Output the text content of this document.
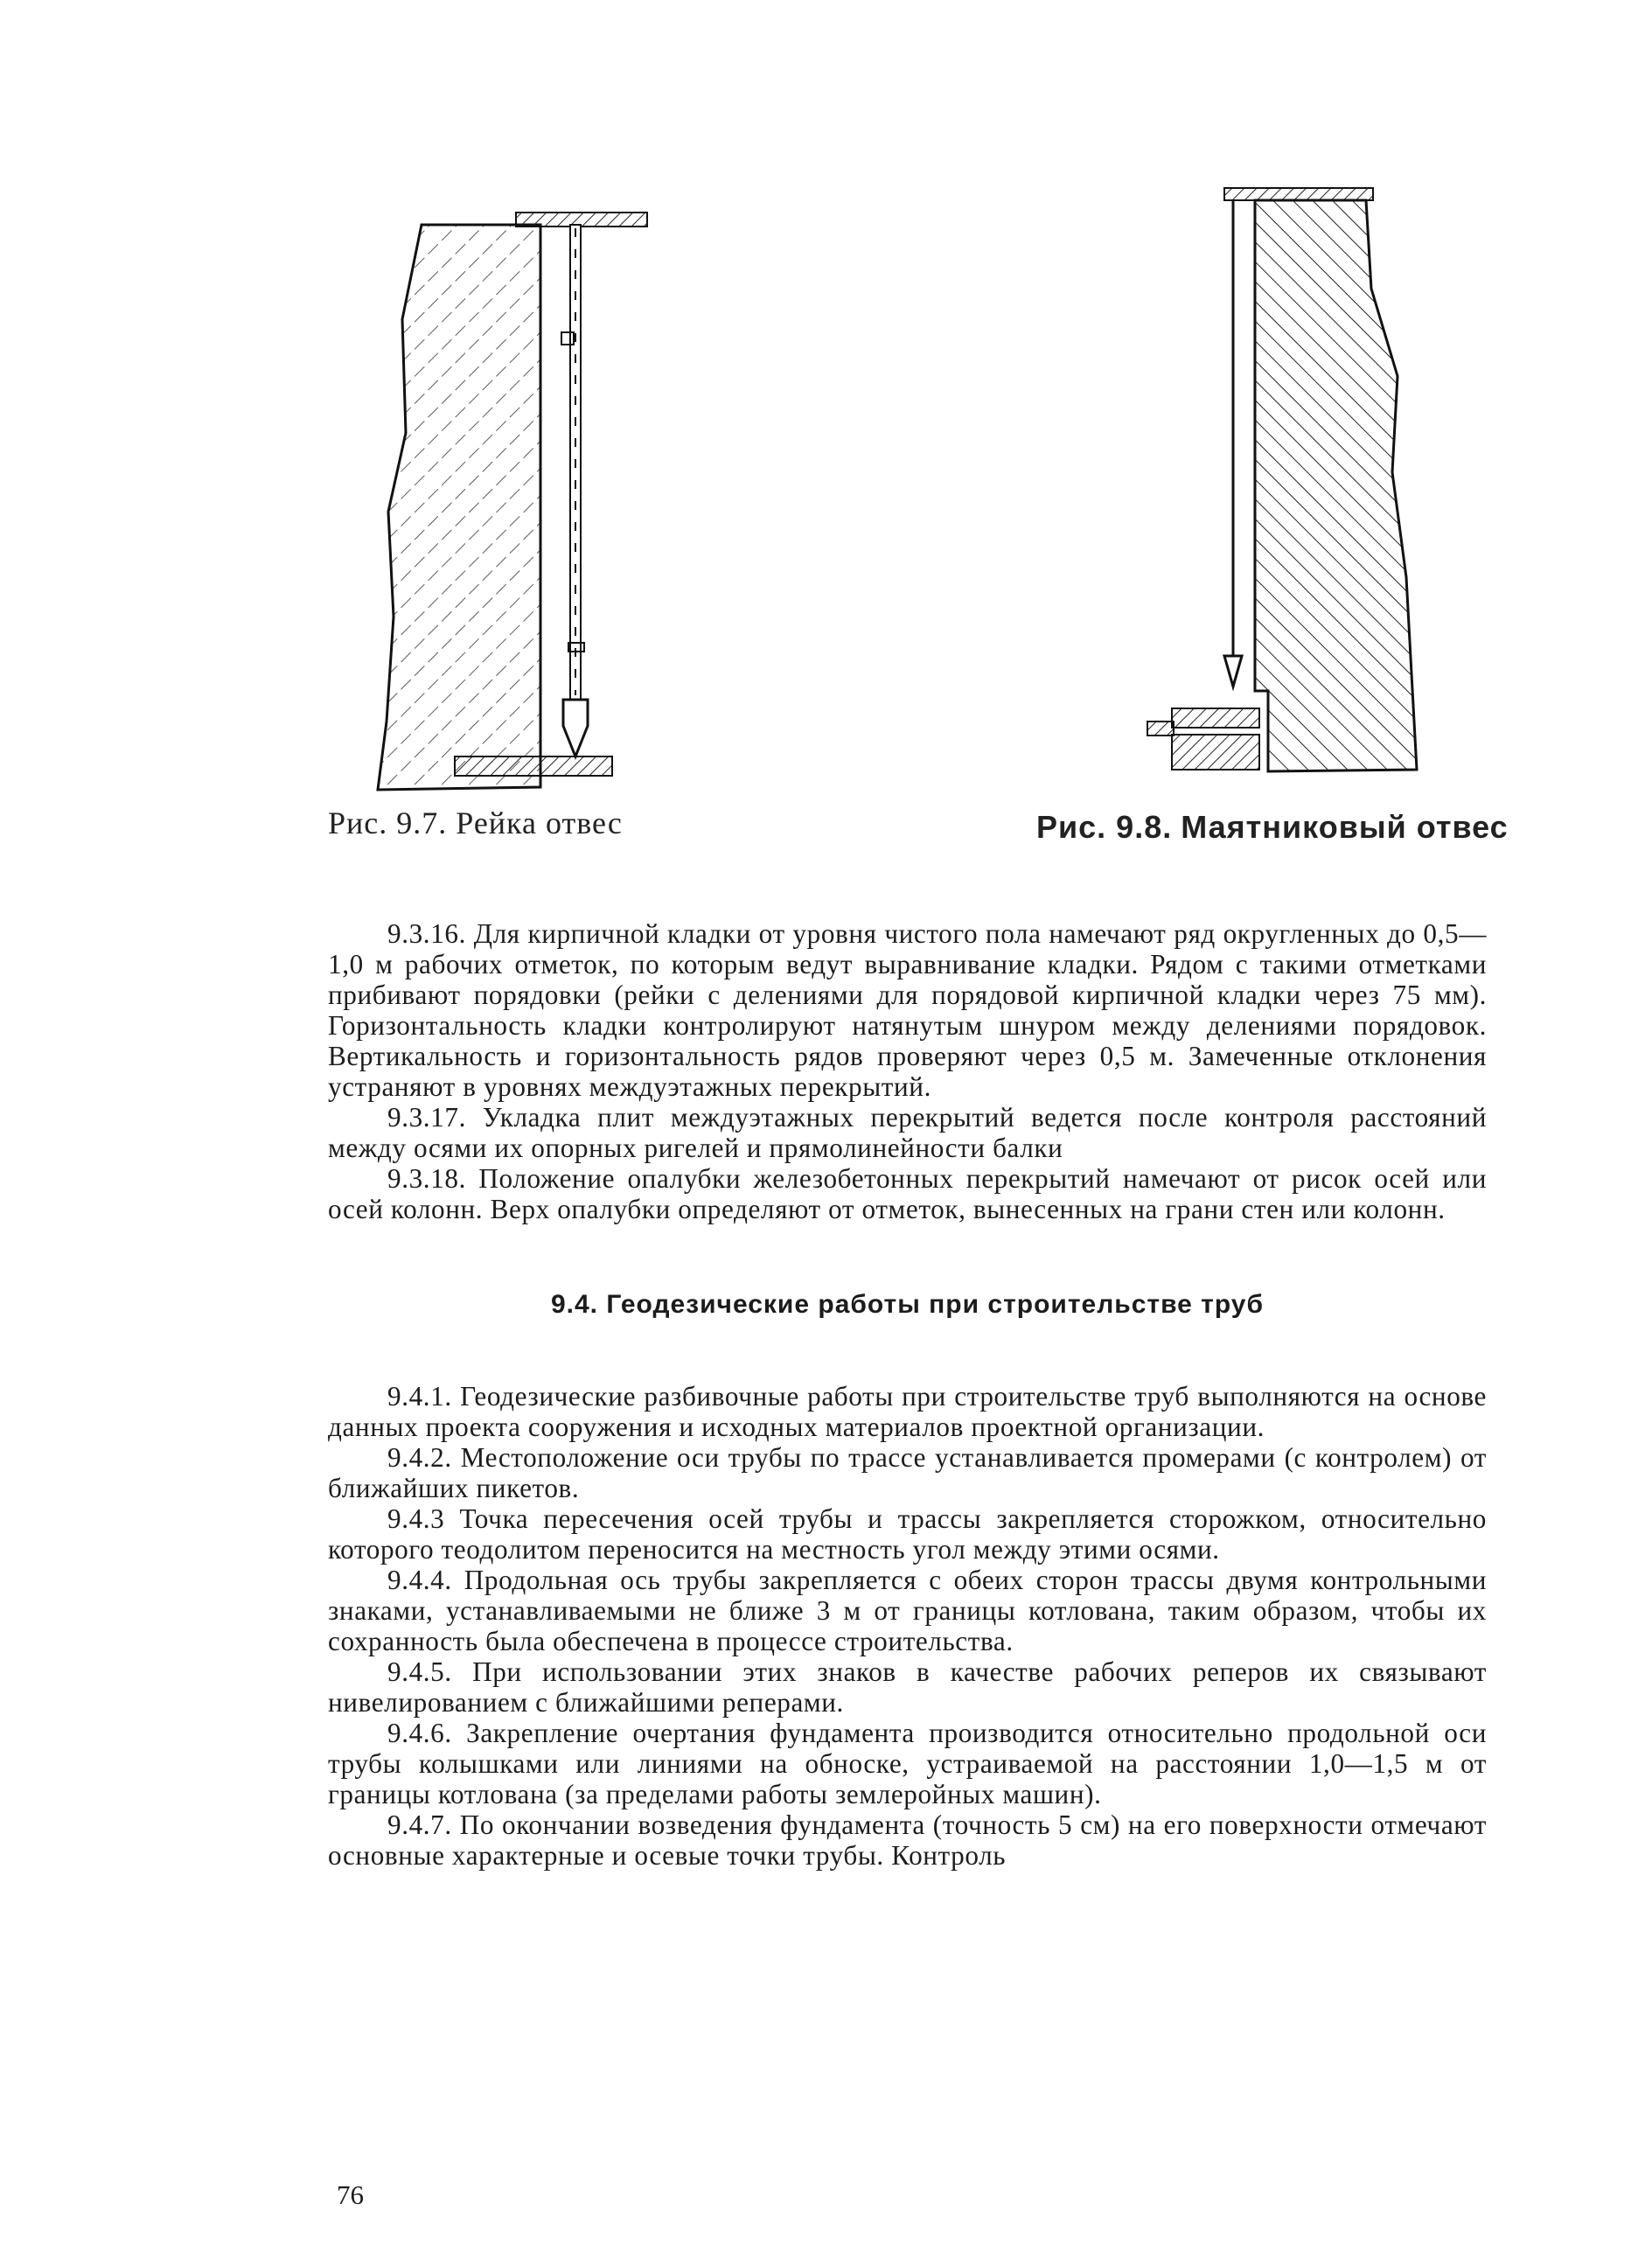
Рис. 9.7. Рейка отвес	Рис. 9.8. Маятниковый отвес

9.3.16. Для кирпичной кладки от уровня чистого пола намечают ряд округленных до 0,5—1,0 м рабочих отметок, по которым ведут выравнивание кладки. Рядом с такими отметками прибивают порядовки (рейки с делениями для порядовой кирпичной кладки через 75 мм). Горизонтальность кладки контролируют натянутым шнуром между делениями порядовок. Вертикальность и горизонтальность рядов проверяют через 0,5 м. Замеченные отклонения устраняют в уровнях междуэтажных перекрытий.

9.3.17. Укладка плит междуэтажных перекрытий ведется после контроля расстояний между осями их опорных ригелей и прямолинейности балки

9.3.18. Положение опалубки железобетонных перекрытий намечают от рисок осей или осей колонн. Верх опалубки определяют от отметок, вынесенных на грани стен или колонн.

9.4. Геодезические работы при строительстве труб

9.4.1. Геодезические разбивочные работы при строительстве труб выполняются на основе данных проекта сооружения и исходных материалов проектной организации.

9.4.2. Местоположение оси трубы по трассе устанавливается промерами (с контролем) от ближайших пикетов.

9.4.3 Точка пересечения осей трубы и трассы закрепляется сторожком, относительно которого теодолитом переносится на местность угол между этими осями.

9.4.4. Продольная ось трубы закрепляется с обеих сторон трассы двумя контрольными знаками, устанавливаемыми не ближе 3 м от границы котлована, таким образом, чтобы их сохранность была обеспечена в процессе строительства.

9.4.5. При использовании этих знаков в качестве рабочих реперов их связывают нивелированием с ближайшими реперами.

9.4.6. Закрепление очертания фундамента производится относительно продольной оси трубы колышками или линиями на обноске, устраиваемой на расстоянии 1,0—1,5 м от границы котлована (за пределами работы землеройных машин).

9.4.7. По окончании возведения фундамента (точность 5 см) на его поверхности отмечают основные характерные и осевые точки трубы. Контроль

76
